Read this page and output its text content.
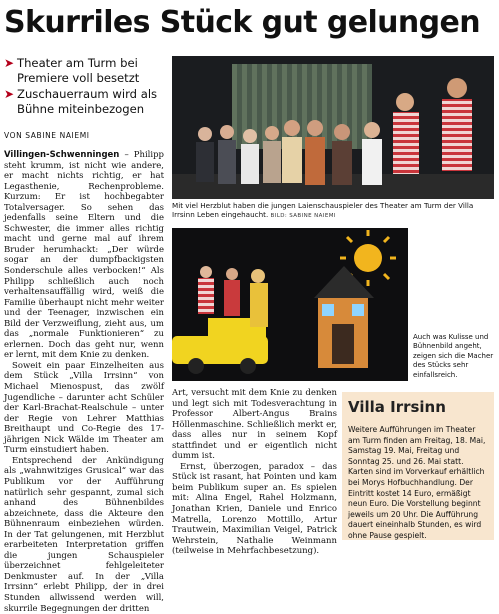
Skurriles Stück gut gelungen
➤ Theater am Turm bei Premiere voll besetzt
➤ Zuschauerraum wird als Bühne miteinbezogen
VON SABINE NAIEMI

Villingen-Schwenningen – Philipp steht krumm, ist nicht wie andere, er macht nichts richtig, er hat Legasthenie, Rechenprobleme. Kurzum: Er ist hochbegabter Totalversager. So sehen das jedenfalls seine Eltern und die Schwester, die immer alles richtig macht und gerne mal auf ihrem Bruder herumhackt: „Der würde sogar an der dumpfbackigsten Sonderschule alles verbocken!“ Als Philipp schließlich auch noch verhaltensauffällig wird, weiß die Familie überhaupt nicht mehr weiter und der Teenager, inzwischen ein Bild der Verzweiflung, zieht aus, um das „normale Funktionieren“ zu erlernen. Doch das geht nur, wenn er lernt, mit dem Knie zu denken.

Soweit ein paar Einzelheiten aus dem Stück „Villa Irrsinn“ von Michael Mienospust, das zwölf Jugendliche – darunter acht Schüler der Karl-Brachat-Realschule – unter der Regie von Lehrer Matthias Breithaupt und Co-Regie des 17-jährigen Nick Wälde im Theater am Turm einstudiert haben.

Entsprechend der Ankündigung als „wahnwitziges Grusical“ war das Publikum vor der Aufführung natürlich sehr gespannt, zumal sich anhand des Bühnenbildes abzeichnete, dass die Akteure den Bühnenraum einbeziehen würden. In der Tat gelungenen, mit Herzblut erarbeiteten Interpretation griffen die jungen Schauspieler überzeichnet fehlgeleiteter Denkmuster auf. In der „Villa Irrsinn“ erlebt Philipp, der in drei Stunden allwissend werden will, skurrile Begegnungen der dritten

Mit viel Herzblut haben die jungen Laienschauspieler des Theater am Turm der Villa Irrsinn Leben eingehaucht. BILD: SABINE NAIEMI
Auch was Kulisse und Bühnenbild angeht, zeigen sich die Macher des Stücks sehr einfallsreich.

Art, versucht mit dem Knie zu denken und legt sich mit Todesverachtung in Professor Albert-Angus Brains Höllenmaschine. Schließlich merkt er, dass alles nur in seinem Kopf stattfindet und er eigentlich nicht dumm ist.

Ernst, überzogen, paradox – das Stück ist rasant, hat Pointen und kam beim Publikum super an. Es spielen mit: Alina Engel, Rahel Holzmann, Jonathan Krien, Daniele und Enrico Matrella, Lorenzo Mottillo, Artur Trautwein, Maximilian Veigel, Patrick Wehrstein, Nathalie Weinmann (teilweise in Mehrfachbesetzung).

Villa Irrsinn
Weitere Aufführungen im Theater am Turm finden am Freitag, 18. Mai, Samstag 19. Mai, Freitag und Sonntag 25. und 26. Mai statt. Karten sind im Vorverkauf erhältlich bei Morys Hofbuchhandlung. Der Eintritt kostet 14 Euro, ermäßigt neun Euro. Die Vorstellung beginnt jeweils um 20 Uhr. Die Aufführung dauert eineinhalb Stunden, es wird ohne Pause gespielt.
